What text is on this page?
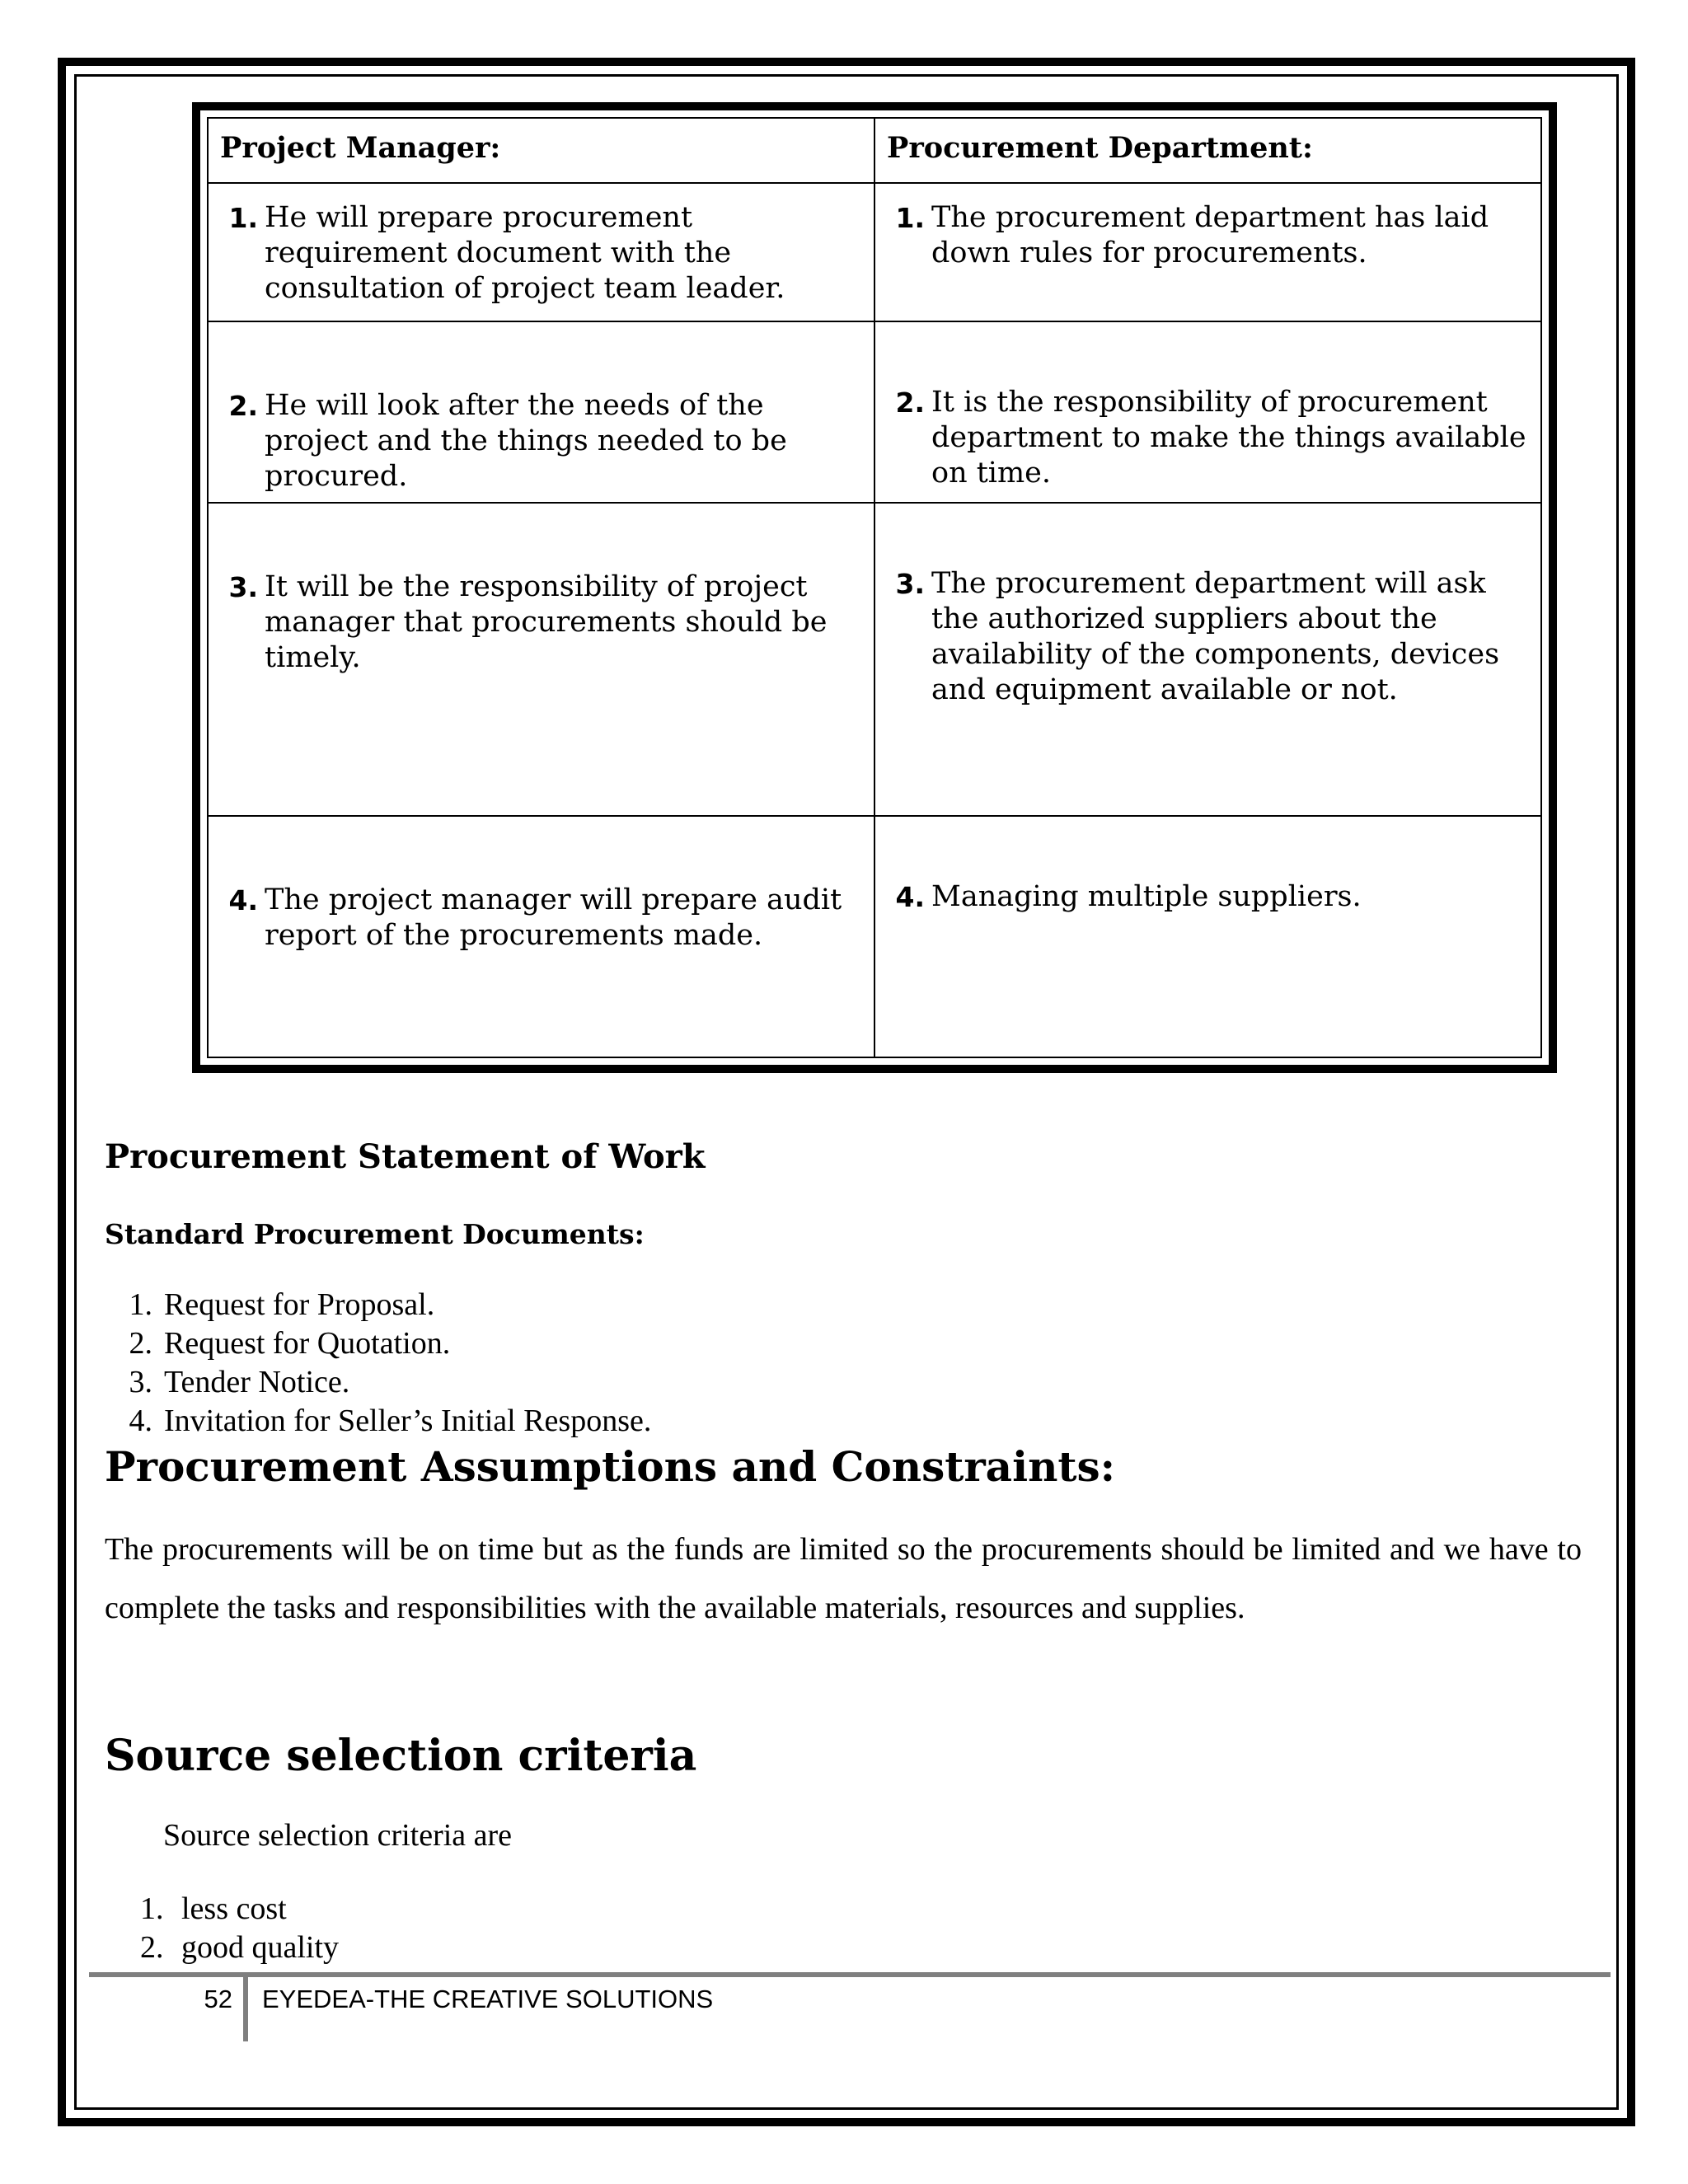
Project Manager:	Procurement Department:

1. He will prepare procurement requirement document with the consultation of project team leader.	1. The procurement department has laid down rules for procurements.

2. He will look after the needs of the project and the things needed to be procured.	2. It is the responsibility of procurement department to make the things available on time.

3. It will be the responsibility of project manager that procurements should be timely.	3. The procurement department will ask the authorized suppliers about the availability of the components, devices and equipment available or not.

4. The project manager will prepare audit report of the procurements made.	4. Managing multiple suppliers.
Procurement Statement of Work
Standard Procurement Documents:
1. Request for Proposal.
2. Request for Quotation.
3. Tender Notice.
4. Invitation for Seller’s Initial Response.
Procurement Assumptions and Constraints:
The procurements will be on time but as the funds are limited so the procurements should be limited and we have to complete the tasks and responsibilities with the available materials, resources and supplies.
Source selection criteria
Source selection criteria are
1. less cost
2. good quality
52 EYEDEA-THE CREATIVE SOLUTIONS
